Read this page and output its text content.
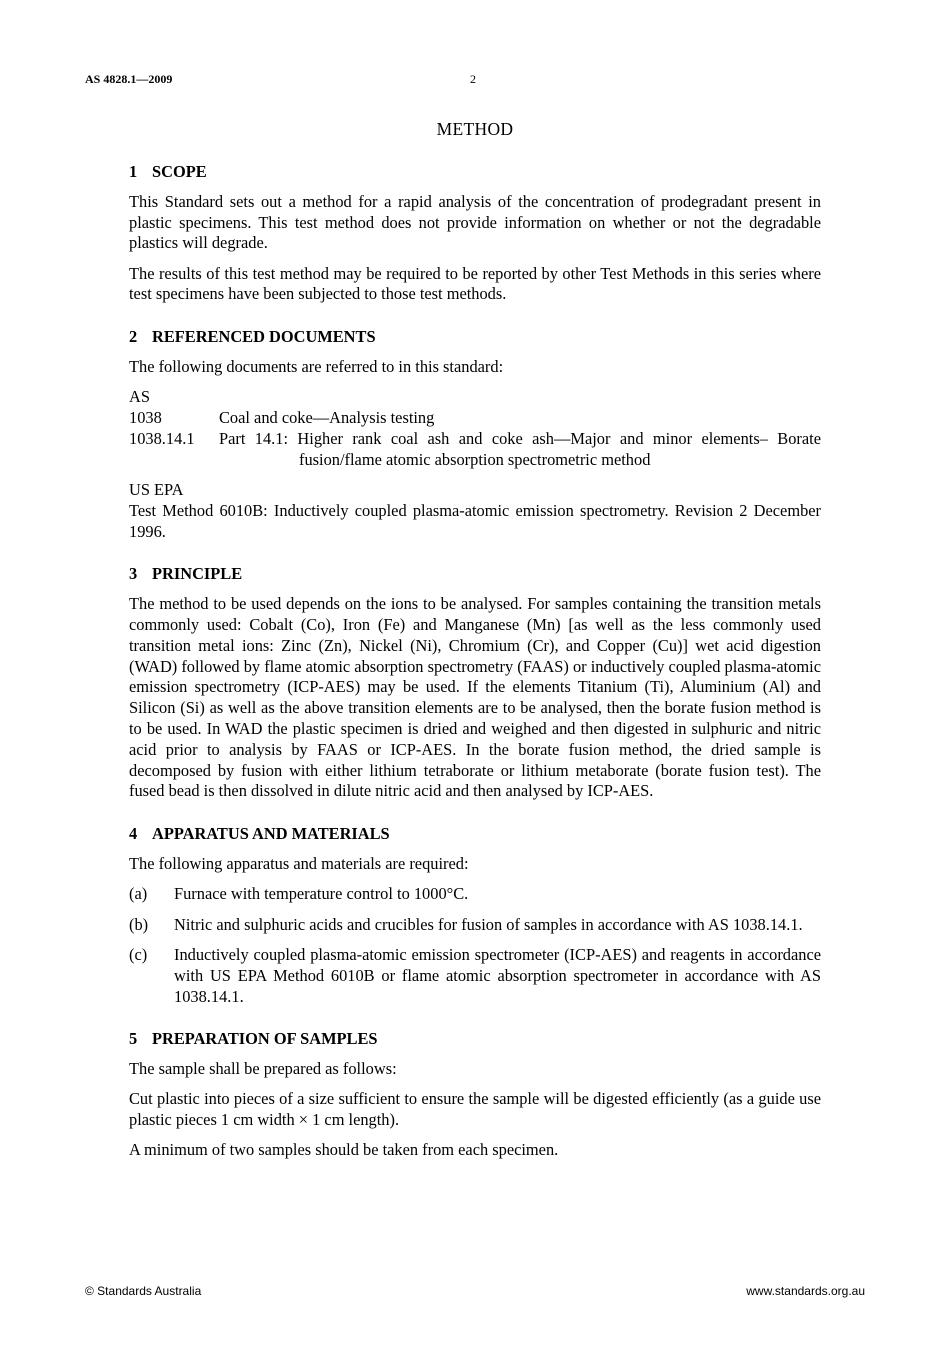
AS 4828.1—2009	2
METHOD
1 SCOPE

This Standard sets out a method for a rapid analysis of the concentration of prodegradant present in plastic specimens. This test method does not provide information on whether or not the degradable plastics will degrade.

The results of this test method may be required to be reported by other Test Methods in this series where test specimens have been subjected to those test methods.

2 REFERENCED DOCUMENTS

The following documents are referred to in this standard:

AS
1038	Coal and coke—Analysis testing
1038.14.1	Part 14.1: Higher rank coal ash and coke ash—Major and minor elements– Borate fusion/flame atomic absorption spectrometric method
US EPA
Test Method 6010B: Inductively coupled plasma-atomic emission spectrometry. Revision 2 December 1996.
3 PRINCIPLE

The method to be used depends on the ions to be analysed. For samples containing the transition metals commonly used: Cobalt (Co), Iron (Fe) and Manganese (Mn) [as well as the less commonly used transition metal ions: Zinc (Zn), Nickel (Ni), Chromium (Cr), and Copper (Cu)] wet acid digestion (WAD) followed by flame atomic absorption spectrometry (FAAS) or inductively coupled plasma-atomic emission spectrometry (ICP-AES) may be used. If the elements Titanium (Ti), Aluminium (Al) and Silicon (Si) as well as the above transition elements are to be analysed, then the borate fusion method is to be used. In WAD the plastic specimen is dried and weighed and then digested in sulphuric and nitric acid prior to analysis by FAAS or ICP-AES. In the borate fusion method, the dried sample is decomposed by fusion with either lithium tetraborate or lithium metaborate (borate fusion test). The fused bead is then dissolved in dilute nitric acid and then analysed by ICP-AES.

4 APPARATUS AND MATERIALS

The following apparatus and materials are required:

(a)	Furnace with temperature control to 1000°C.
(b)	Nitric and sulphuric acids and crucibles for fusion of samples in accordance with AS 1038.14.1.
(c)	Inductively coupled plasma-atomic emission spectrometer (ICP-AES) and reagents in accordance with US EPA Method 6010B or flame atomic absorption spectrometer in accordance with AS 1038.14.1.
5 PREPARATION OF SAMPLES

The sample shall be prepared as follows:

Cut plastic into pieces of a size sufficient to ensure the sample will be digested efficiently (as a guide use plastic pieces 1 cm width × 1 cm length).

A minimum of two samples should be taken from each specimen.

© Standards Australia	www.standards.org.au
